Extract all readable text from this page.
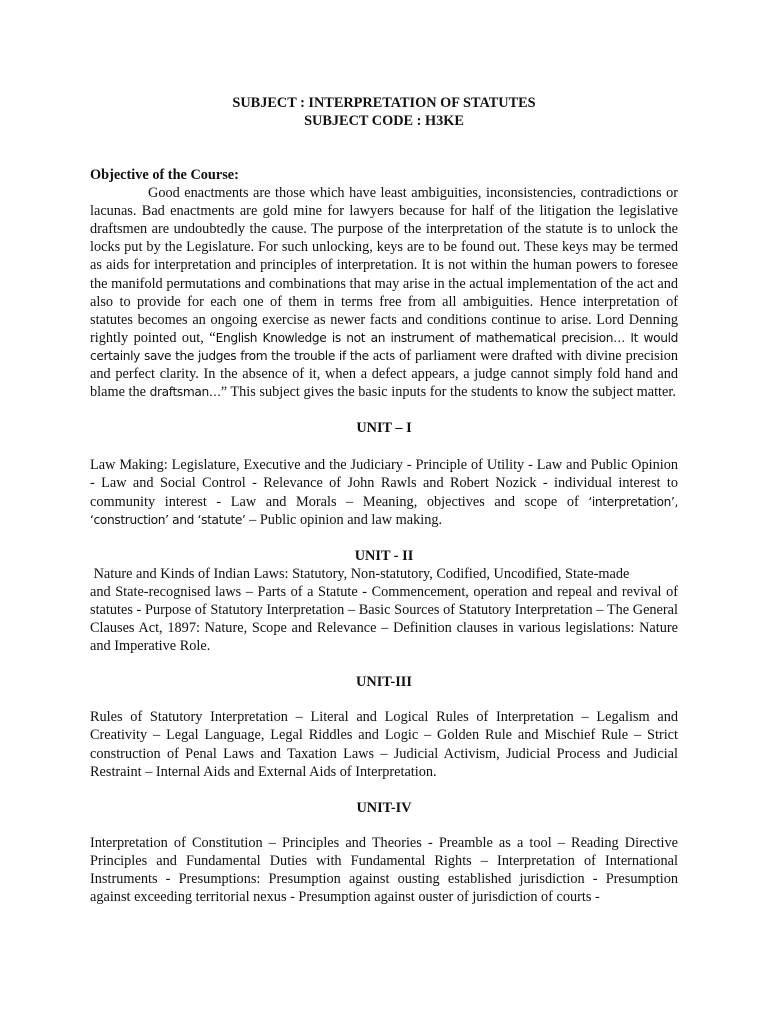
SUBJECT : INTERPRETATION OF STATUTES
SUBJECT CODE : H3KE
Objective of the Course:

Good enactments are those which have least ambiguities, inconsistencies, contradictions or lacunas. Bad enactments are gold mine for lawyers because for half of the litigation the legislative draftsmen are undoubtedly the cause. The purpose of the interpretation of the statute is to unlock the locks put by the Legislature. For such unlocking, keys are to be found out. These keys may be termed as aids for interpretation and principles of interpretation. It is not within the human powers to foresee the manifold permutations and combinations that may arise in the actual implementation of the act and also to provide for each one of them in terms free from all ambiguities. Hence interpretation of statutes becomes an ongoing exercise as newer facts and conditions continue to arise. Lord Denning rightly pointed out, “English Knowledge is not an instrument of mathematical precision… It would certainly save the judges from the trouble if the acts of parliament were drafted with divine precision and perfect clarity. In the absence of it, when a defect appears, a judge cannot simply fold hand and blame the draftsman…” This subject gives the basic inputs for the students to know the subject matter.

UNIT – I

Law Making: Legislature, Executive and the Judiciary - Principle of Utility - Law and Public Opinion - Law and Social Control - Relevance of John Rawls and Robert Nozick - individual interest to community interest - Law and Morals – Meaning, objectives and scope of ‘interpretation’, ‘construction’ and ‘statute’ – Public opinion and law making.

UNIT - II

Nature and Kinds of Indian Laws: Statutory, Non-statutory, Codified, Uncodified, State-made

and State-recognised laws – Parts of a Statute - Commencement, operation and repeal and revival of statutes - Purpose of Statutory Interpretation – Basic Sources of Statutory Interpretation – The General Clauses Act, 1897: Nature, Scope and Relevance – Definition clauses in various legislations: Nature and Imperative Role.

UNIT-III

Rules of Statutory Interpretation – Literal and Logical Rules of Interpretation – Legalism and Creativity – Legal Language, Legal Riddles and Logic – Golden Rule and Mischief Rule – Strict construction of Penal Laws and Taxation Laws – Judicial Activism, Judicial Process and Judicial Restraint – Internal Aids and External Aids of Interpretation.

UNIT-IV

Interpretation of Constitution – Principles and Theories - Preamble as a tool – Reading Directive Principles and Fundamental Duties with Fundamental Rights – Interpretation of International Instruments - Presumptions: Presumption against ousting established jurisdiction - Presumption against exceeding territorial nexus - Presumption against ouster of jurisdiction of courts -
